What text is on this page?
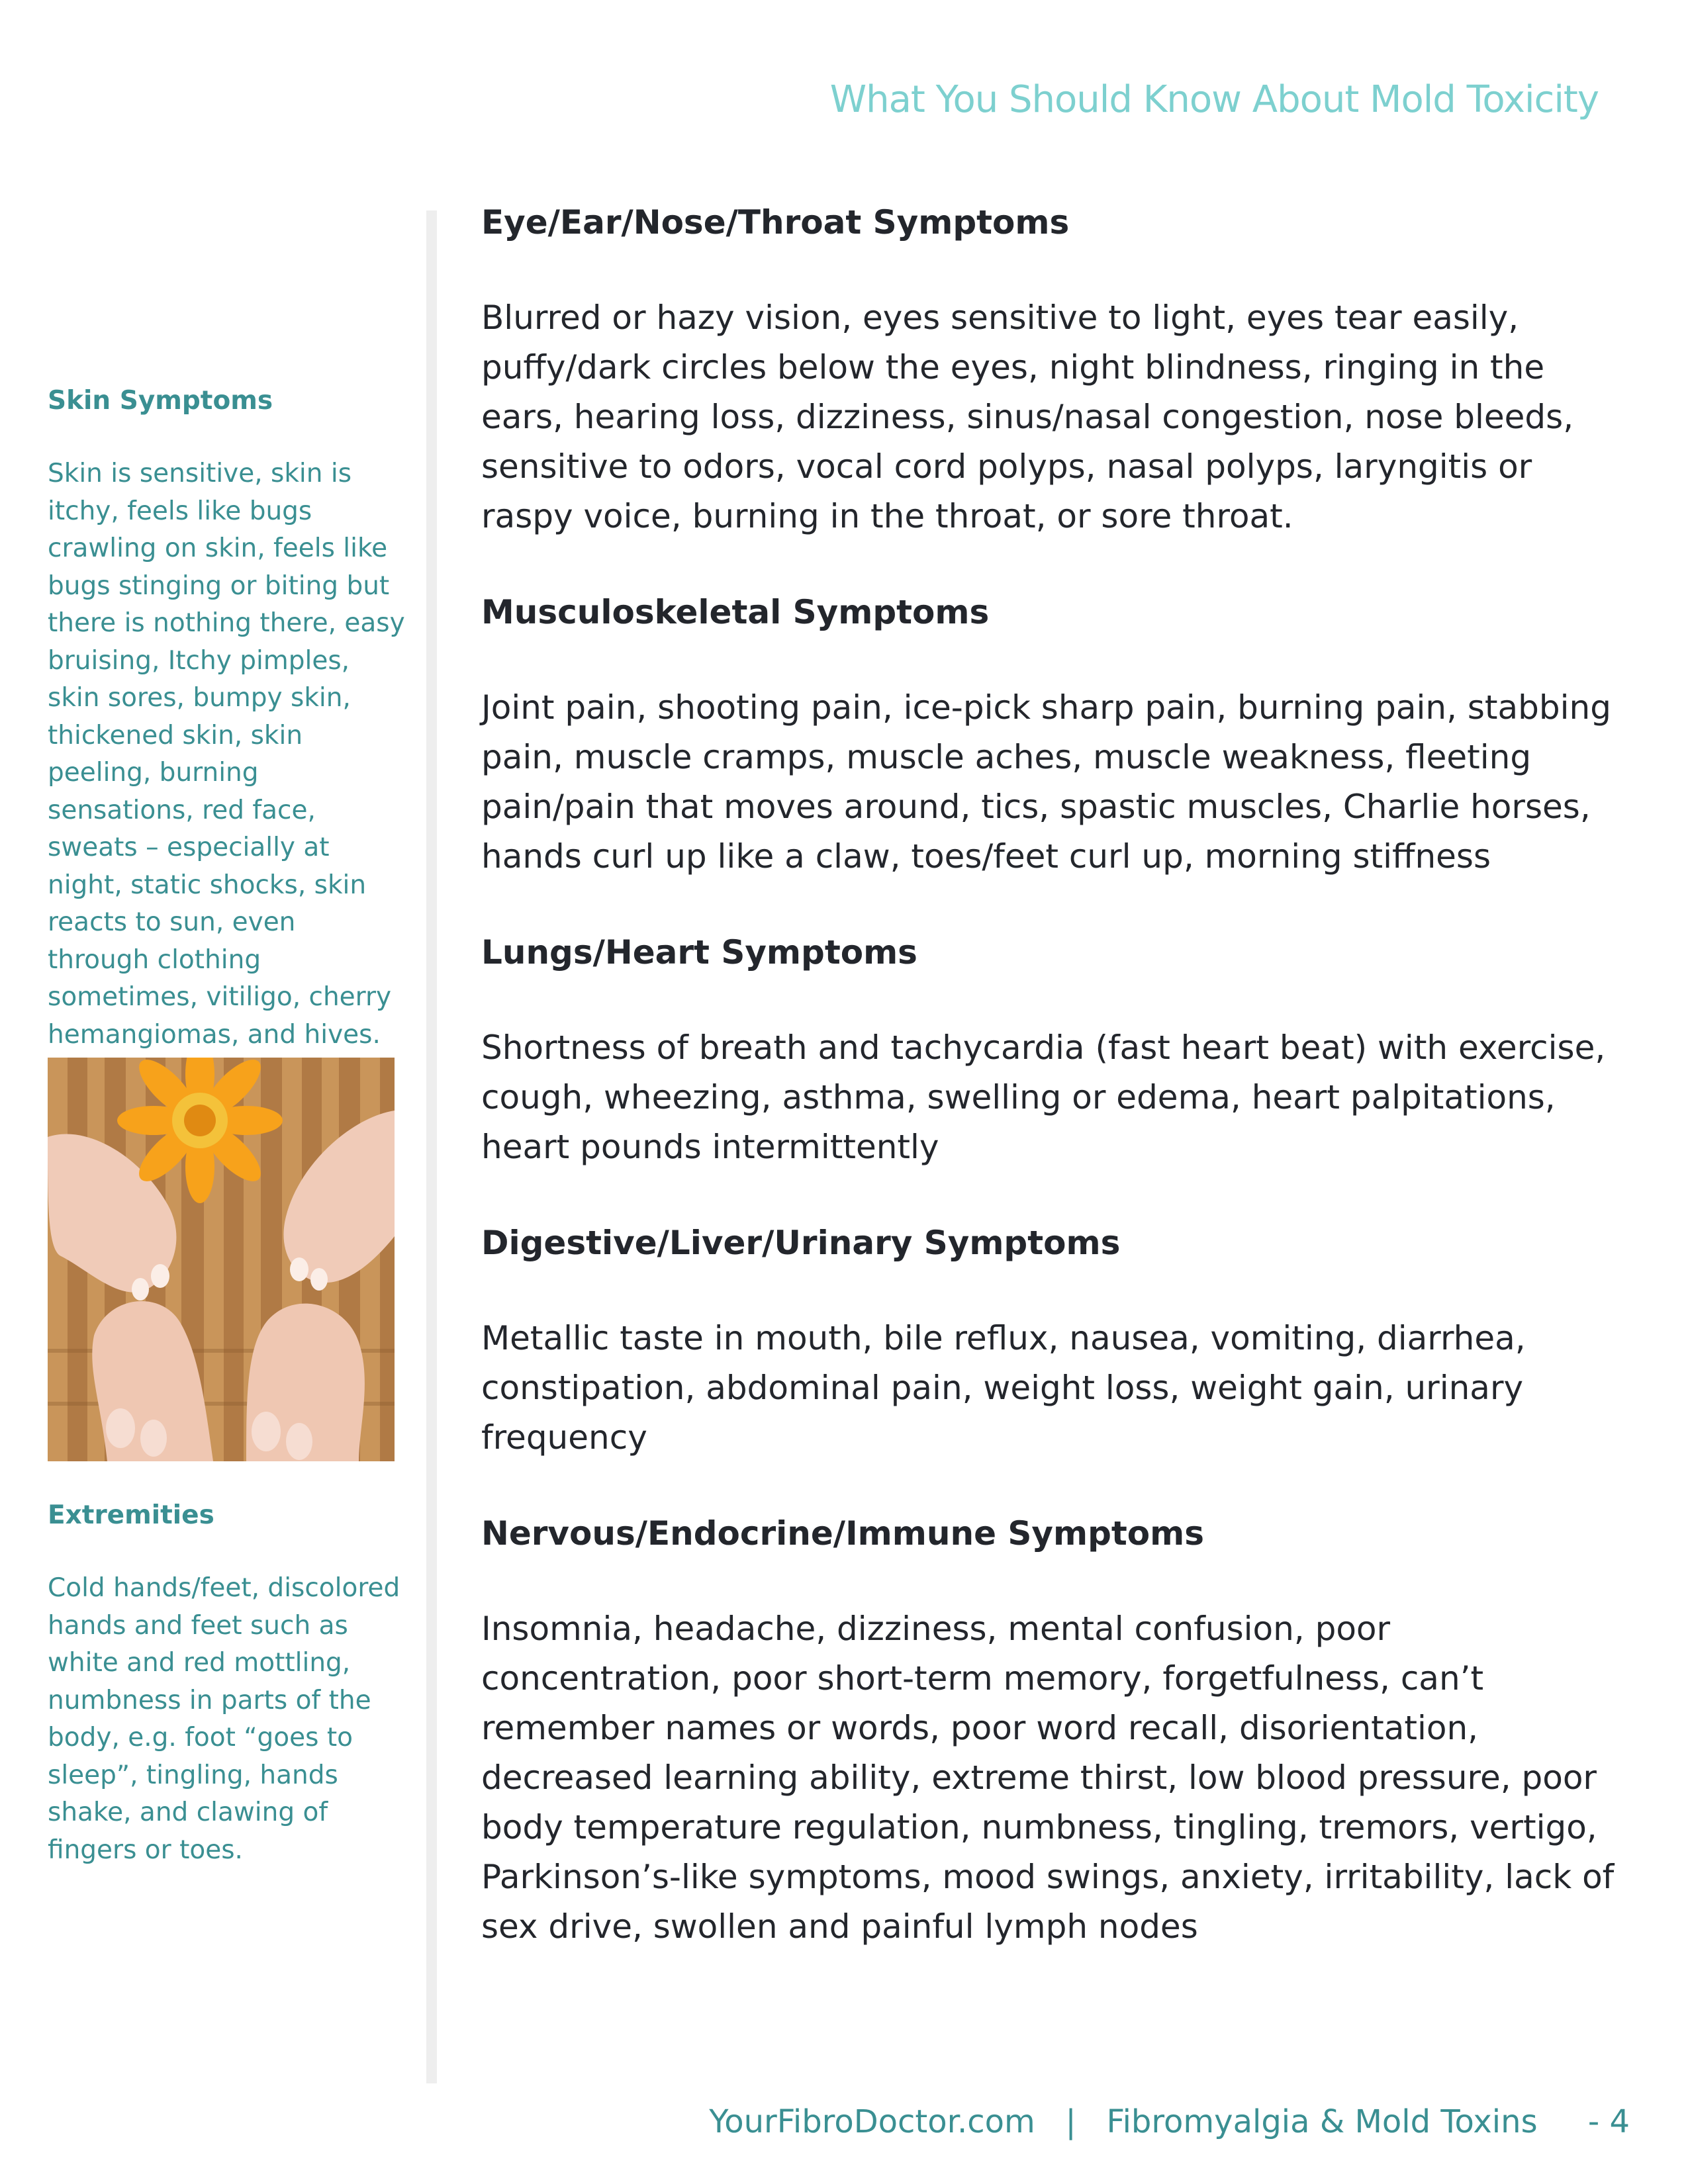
What You Should Know About Mold Toxicity

Skin Symptoms

Skin is sensitive, skin is itchy, feels like bugs crawling on skin, feels like bugs stinging or biting but there is nothing there, easy bruising, Itchy pimples, skin sores, bumpy skin, thickened skin, skin peeling, burning sensations, red face, sweats – especially at night, static shocks, skin reacts to sun, even through clothing sometimes, vitiligo, cherry hemangiomas, and hives.

Extremities

Cold hands/feet, discolored hands and feet such as white and red mottling, numbness in parts of the body, e.g. foot “goes to sleep”, tingling, hands shake, and clawing of fingers or toes.

Eye/Ear/Nose/Throat Symptoms

Blurred or hazy vision, eyes sensitive to light, eyes tear easily, puffy/dark circles below the eyes, night blindness, ringing in the ears, hearing loss, dizziness, sinus/nasal congestion, nose bleeds, sensitive to odors, vocal cord polyps, nasal polyps, laryngitis or raspy voice, burning in the throat, or sore throat.

Musculoskeletal Symptoms

Joint pain, shooting pain, ice-pick sharp pain, burning pain, stabbing pain, muscle cramps, muscle aches, muscle weakness, fleeting pain/pain that moves around, tics, spastic muscles, Charlie horses, hands curl up like a claw, toes/feet curl up, morning stiffness

Lungs/Heart Symptoms

Shortness of breath and tachycardia (fast heart beat) with exercise, cough, wheezing, asthma, swelling or edema, heart palpitations, heart pounds intermittently

Digestive/Liver/Urinary Symptoms

Metallic taste in mouth, bile reflux, nausea, vomiting, diarrhea, constipation, abdominal pain, weight loss, weight gain, urinary frequency

Nervous/Endocrine/Immune Symptoms

Insomnia, headache, dizziness, mental confusion, poor concentration, poor short-term memory, forgetfulness, can’t remember names or words, poor word recall, disorientation, decreased learning ability, extreme thirst, low blood pressure, poor body temperature regulation, numbness, tingling, tremors, vertigo, Parkinson’s-like symptoms, mood swings, anxiety, irritability, lack of sex drive, swollen and painful lymph nodes

YourFibroDoctor.com | Fibromyalgia & Mold Toxins - 4
